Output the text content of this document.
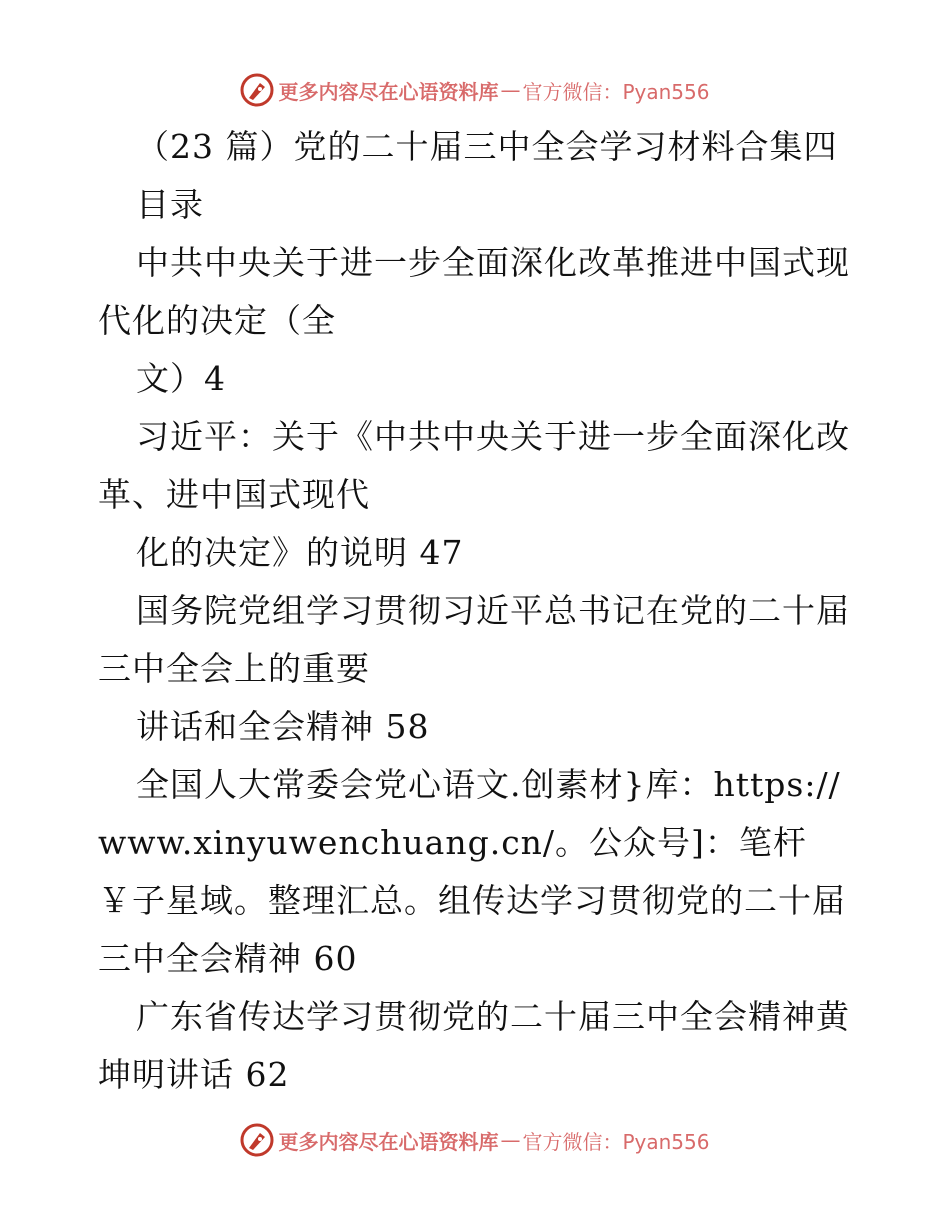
更多内容尽在心语资料库 — 官方微信：Pyan556

（23 篇）党的二十届三中全会学习材料合集四

目录

中共中央关于进一步全面深化改革推进中国式现代化的决定（全

文）4

习近平：关于《中共中央关于进一步全面深化改革、进中国式现代

化的决定》的说明 47

国务院党组学习贯彻习近平总书记在党的二十届三中全会上的重要

讲话和全会精神 58

全国人大常委会党心语文.创素材}库：https://www.xinyuwenchuang.cn/。公众号]：笔杆￥子星域。整理汇总。组传达学习贯彻党的二十届三中全会精神 60

广东省传达学习贯彻党的二十届三中全会精神黄坤明讲话 62

更多内容尽在心语资料库 — 官方微信：Pyan556
